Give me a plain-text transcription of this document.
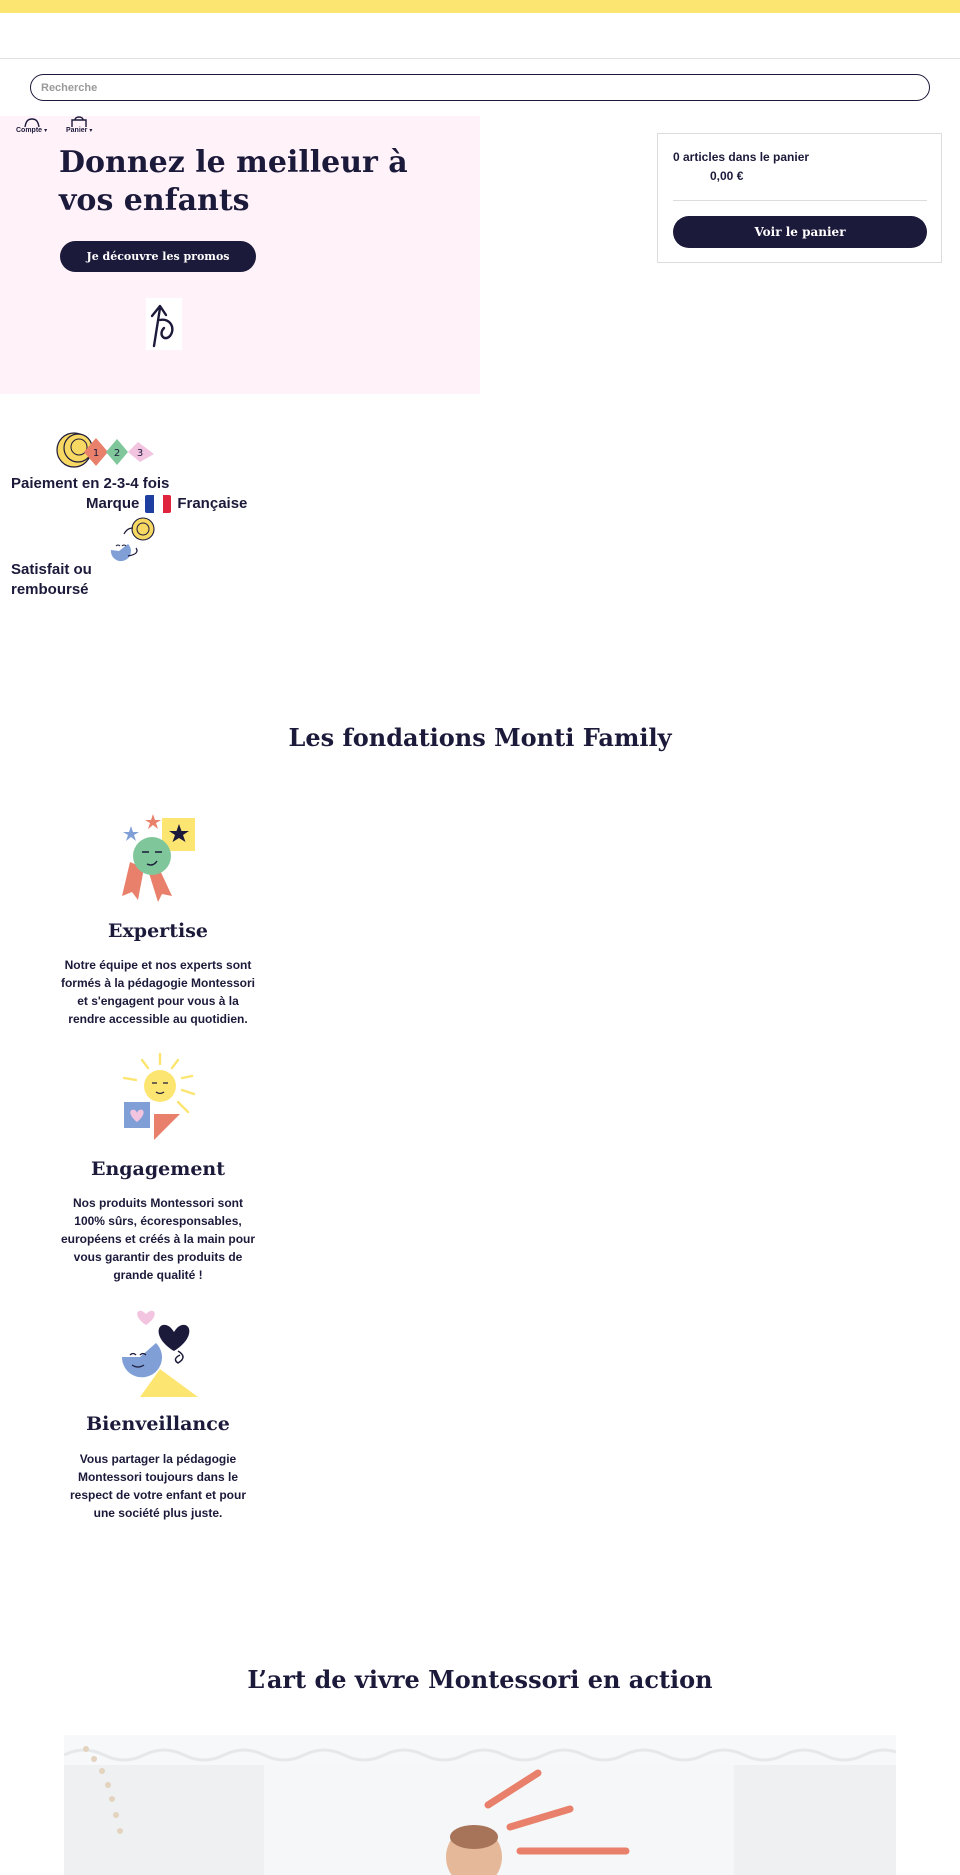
Recherche
Compte ▾	Panier ▾
Donnez le meilleur à vos enfants
Je découvre les promos
0 articles dans le panier
0,00 €
Voir le panier
1 2 3
Paiement en 2-3-4 fois
Marque	Française
Satisfait ou remboursé
Les fondations Monti Family
Expertise

Notre équipe et nos experts sont formés à la pédagogie Montessori et s'engagent pour vous à la rendre accessible au quotidien.

Engagement

Nos produits Montessori sont 100% sûrs, écoresponsables, européens et créés à la main pour vous garantir des produits de grande qualité !

Bienveillance

Vous partager la pédagogie Montessori toujours dans le respect de votre enfant et pour une société plus juste.

L’art de vivre Montessori en action
